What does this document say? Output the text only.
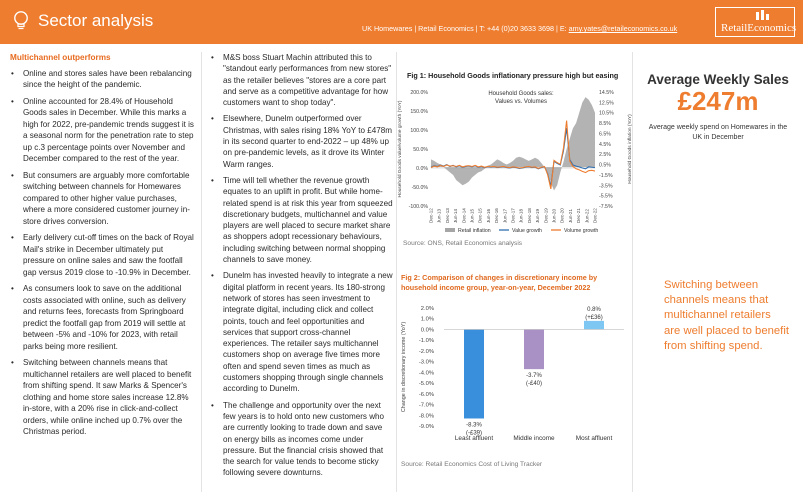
Sector analysis	UK Homewares | Retail Economics | T: +44 (0)20 3633 3698 | E: amy.yates@retaileconomics.co.uk	RetailEconomics
Multichannel outperforms
• Online and stores sales have been rebalancing since the height of the pandemic.
• Online accounted for 28.4% of Household Goods sales in December. While this marks a high for 2022, pre-pandemic trends suggest it is a seasonal norm for the penetration rate to step up c.3 percentage points over November and December compared to the rest of the year.
• But consumers are arguably more comfortable switching between channels for Homewares compared to other higher value purchases, where a more considered customer journey in-store drives conversion.
• Early delivery cut-off times on the back of Royal Mail's strike in December ultimately put pressure on online sales and saw the footfall gap versus 2019 close to -10.9% in December.
• As consumers look to save on the additional costs associated with online, such as delivery and returns fees, forecasts from Springboard predict the footfall gap from 2019 will settle at between -5% and -10% for 2023, with retail parks being more resilient.
• Switching between channels means that multichannel retailers are well placed to benefit from shifting spend. It saw Marks & Spencer's clothing and home store sales increase 12.8% in-store, with a 20% rise in click-and-collect orders, while online inched up 0.7% over the Christmas period.
• M&S boss Stuart Machin attributed this to "standout early performances from new stores" as the retailer believes "stores are a core part and serve as a competitive advantage for how customers want to shop today".
• Elsewhere, Dunelm outperformed over Christmas, with sales rising 18% YoY to £478m in its second quarter to end-2022 – up 48% up on pre-pandemic levels, as it drove its Winter Warm ranges.
• Time will tell whether the revenue growth equates to an uplift in profit. But while home-related spend is at risk this year from squeezed discretionary budgets, multichannel and value players are well placed to secure market share as shoppers adopt recessionary behaviours, including switching between normal shopping channels to save money.
• Dunelm has invested heavily to integrate a new digital platform in recent years. Its 180-strong network of stores has seen investment to integrate digital, including click and collect points, touch and feel opportunities and services that support cross-channel experiences. The retailer says multichannel customers shop on average five times more often and spend seven times as much as customers shopping through single channels according to Dunelm.
• The challenge and opportunity over the next few years is to hold onto new customers who are currently looking to trade down and save on energy bills as incomes come under pressure. But the financial crisis showed that the search for value tends to become sticky following severe downturns.
Fig 1: Household Goods inflationary pressure high but easing
200.0%
150.0%
100.0%
50.0%
0.0%
-50.0%
-100.0%
14.5%
12.5%
10.5%
8.5%
6.5%
4.5%
2.5%
0.5%
-1.5%
-3.5%
-5.5%
-7.5%
Dec-12 Jun-13 Dec-13 Jun-14 Dec-14 Jun-15 Dec-15 Jun-16 Dec-16 Jun-17 Dec-17 Jun-18 Dec-18 Jun-19 Dec-19 Jun-20 Dec-20 Jun-21 Dec-21 Jun-22 Dec-22
Household Goods value/volume growth (YoY)	Household Goods inflation (YoY)
Household Goods sales:
Values vs. Volumes
Retail inflation	Value growth	Volume growth
Source: ONS, Retail Economics analysis
Fig 2: Comparison of changes in discretionary income by household income group, year-on-year, December 2022
2.0%
1.0%
0.0%
-1.0%
-2.0%
-3.0%
-4.0%
-5.0%
-6.0%
-7.0%
-8.0%
-9.0%
Change in discretionary income (YoY)
-8.3%
(-£39)
Least affluent
-3.7%
(-£40)
Middle income
0.8%
(+£36)
Most affluent
Source: Retail Economics Cost of Living Tracker
Average Weekly Sales
£247m
Average weekly spend on Homewares in the UK in December
Switching between channels means that multichannel retailers are well placed to benefit from shifting spend.
